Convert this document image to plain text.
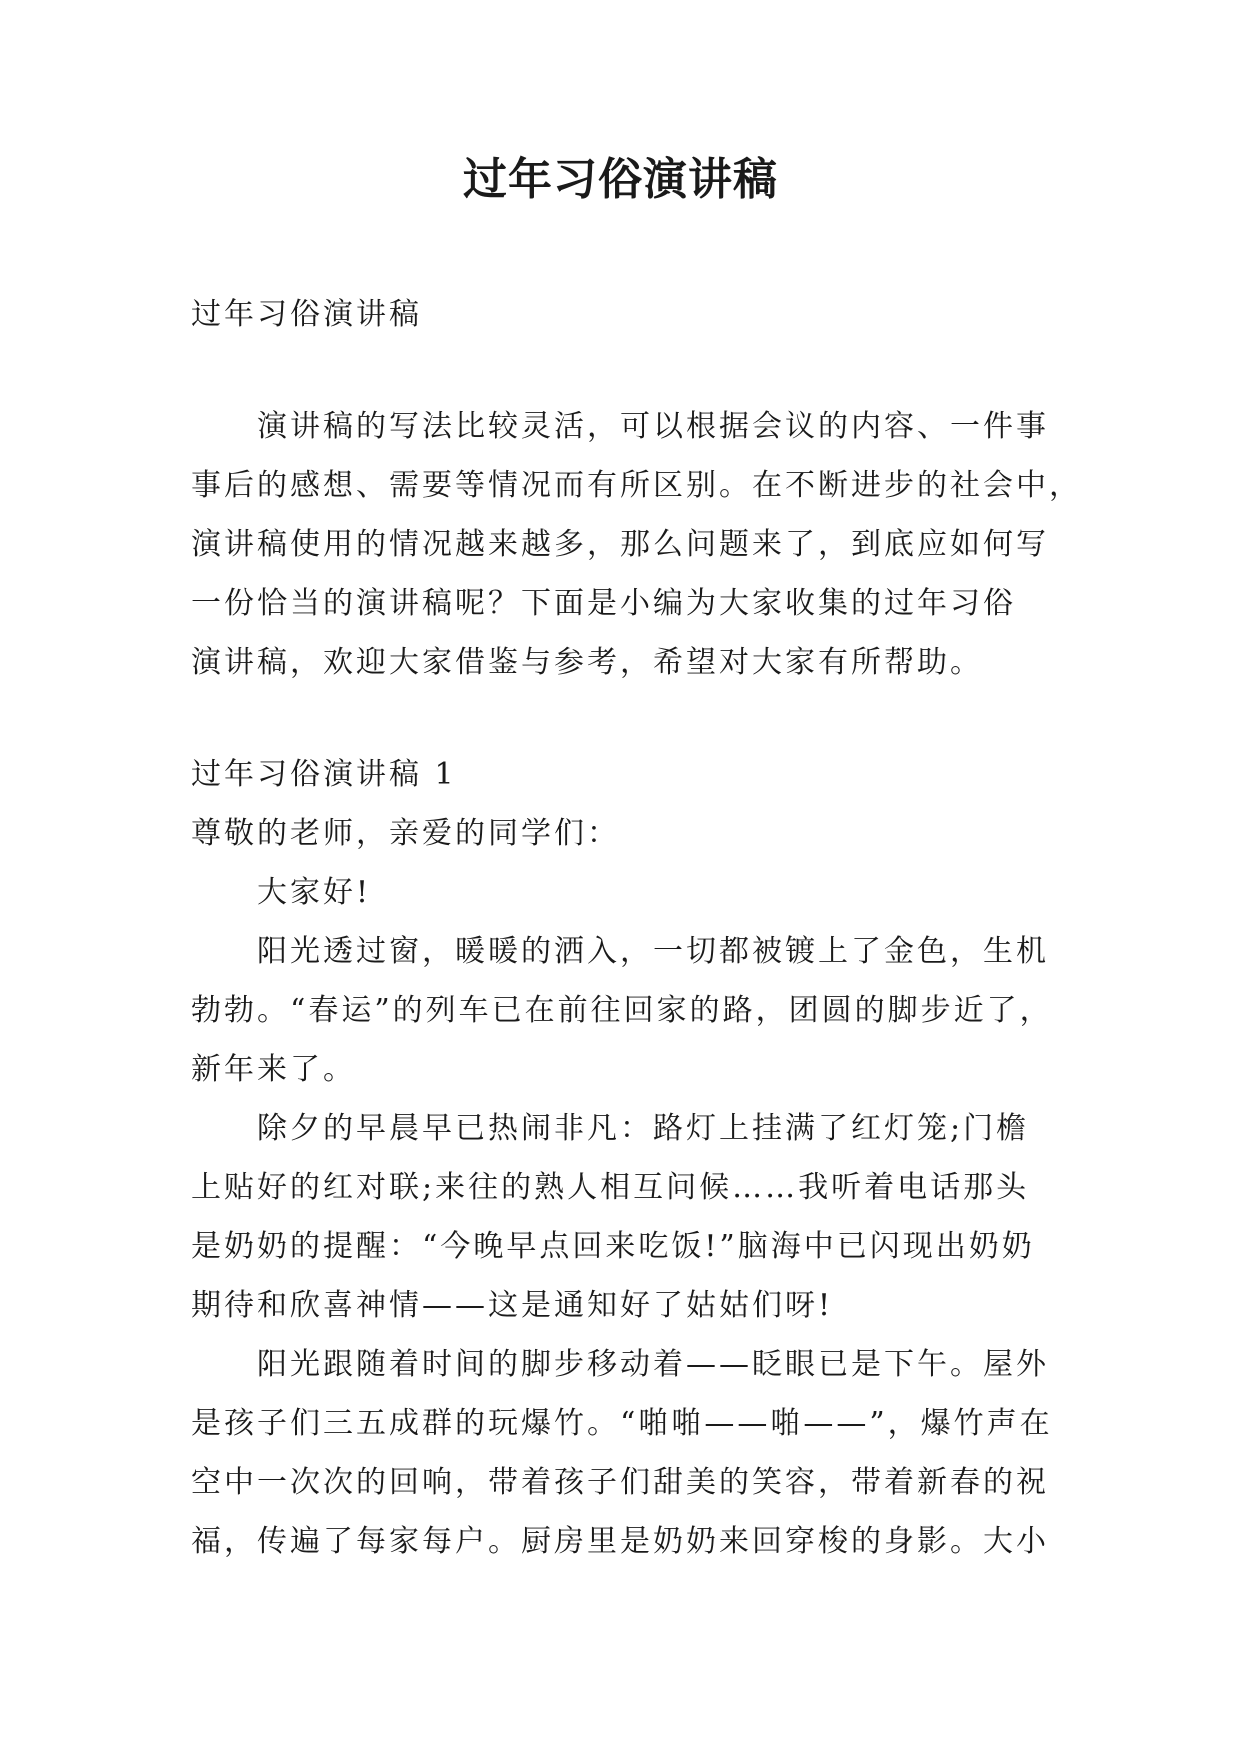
过年习俗演讲稿
过年习俗演讲稿
演讲稿的写法比较灵活，可以根据会议的内容、一件事
事后的感想、需要等情况而有所区别。在不断进步的社会中，
演讲稿使用的情况越来越多，那么问题来了，到底应如何写
一份恰当的演讲稿呢？下面是小编为大家收集的过年习俗
演讲稿，欢迎大家借鉴与参考，希望对大家有所帮助。
过年习俗演讲稿 1
尊敬的老师，亲爱的同学们：
大家好!
阳光透过窗，暖暖的洒入，一切都被镀上了金色，生机
勃勃。“春运”的列车已在前往回家的路，团圆的脚步近了，
新年来了。
除夕的早晨早已热闹非凡：路灯上挂满了红灯笼;门檐
上贴好的红对联;来往的熟人相互问候……我听着电话那头
是奶奶的提醒：“今晚早点回来吃饭!”脑海中已闪现出奶奶
期待和欣喜神情——这是通知好了姑姑们呀!
阳光跟随着时间的脚步移动着——眨眼已是下午。屋外
是孩子们三五成群的玩爆竹。“啪啪——啪——”，爆竹声在
空中一次次的回响，带着孩子们甜美的笑容，带着新春的祝
福，传遍了每家每户。厨房里是奶奶来回穿梭的身影。大小
